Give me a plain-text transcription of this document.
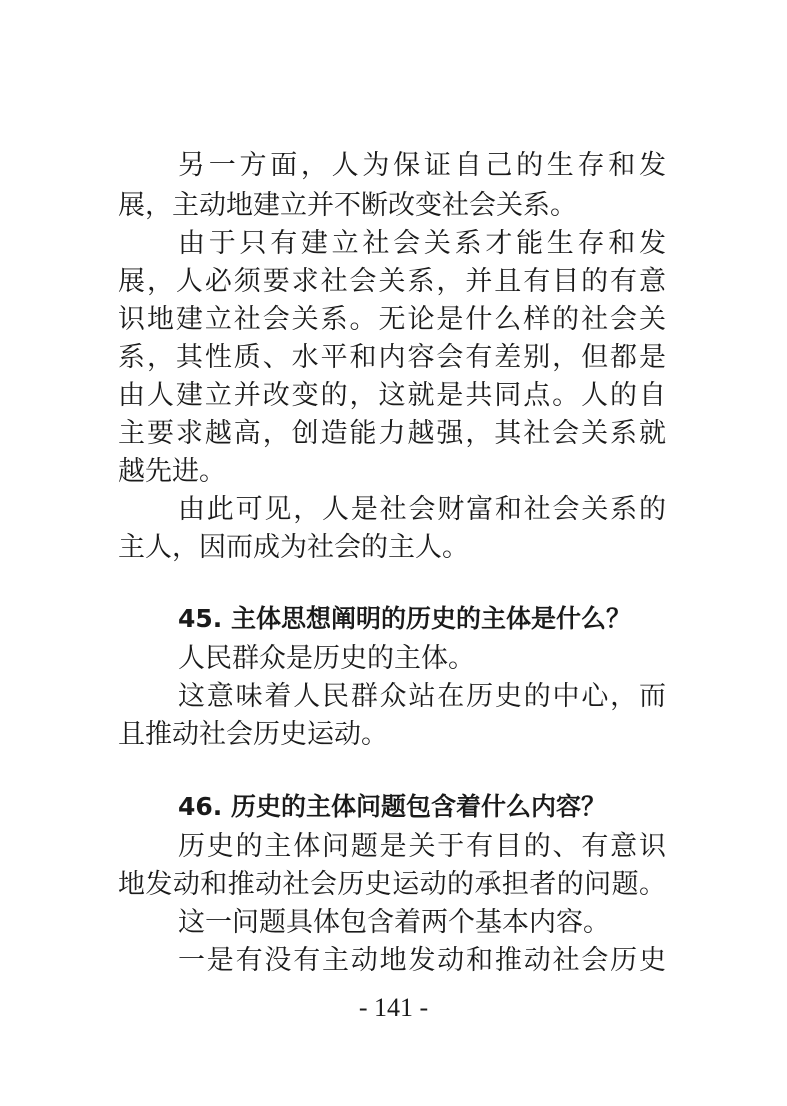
另一方面，人为保证自己的生存和发
展，主动地建立并不断改变社会关系。
由于只有建立社会关系才能生存和发
展，人必须要求社会关系，并且有目的有意
识地建立社会关系。无论是什么样的社会关
系，其性质、水平和内容会有差别，但都是
由人建立并改变的，这就是共同点。人的自
主要求越高，创造能力越强，其社会关系就
越先进。
由此可见，人是社会财富和社会关系的
主人，因而成为社会的主人。
45. 主体思想阐明的历史的主体是什么？
人民群众是历史的主体。
这意味着人民群众站在历史的中心，而
且推动社会历史运动。
46. 历史的主体问题包含着什么内容？
历史的主体问题是关于有目的、有意识
地发动和推动社会历史运动的承担者的问题。
这一问题具体包含着两个基本内容。
一是有没有主动地发动和推动社会历史
- 141 -
